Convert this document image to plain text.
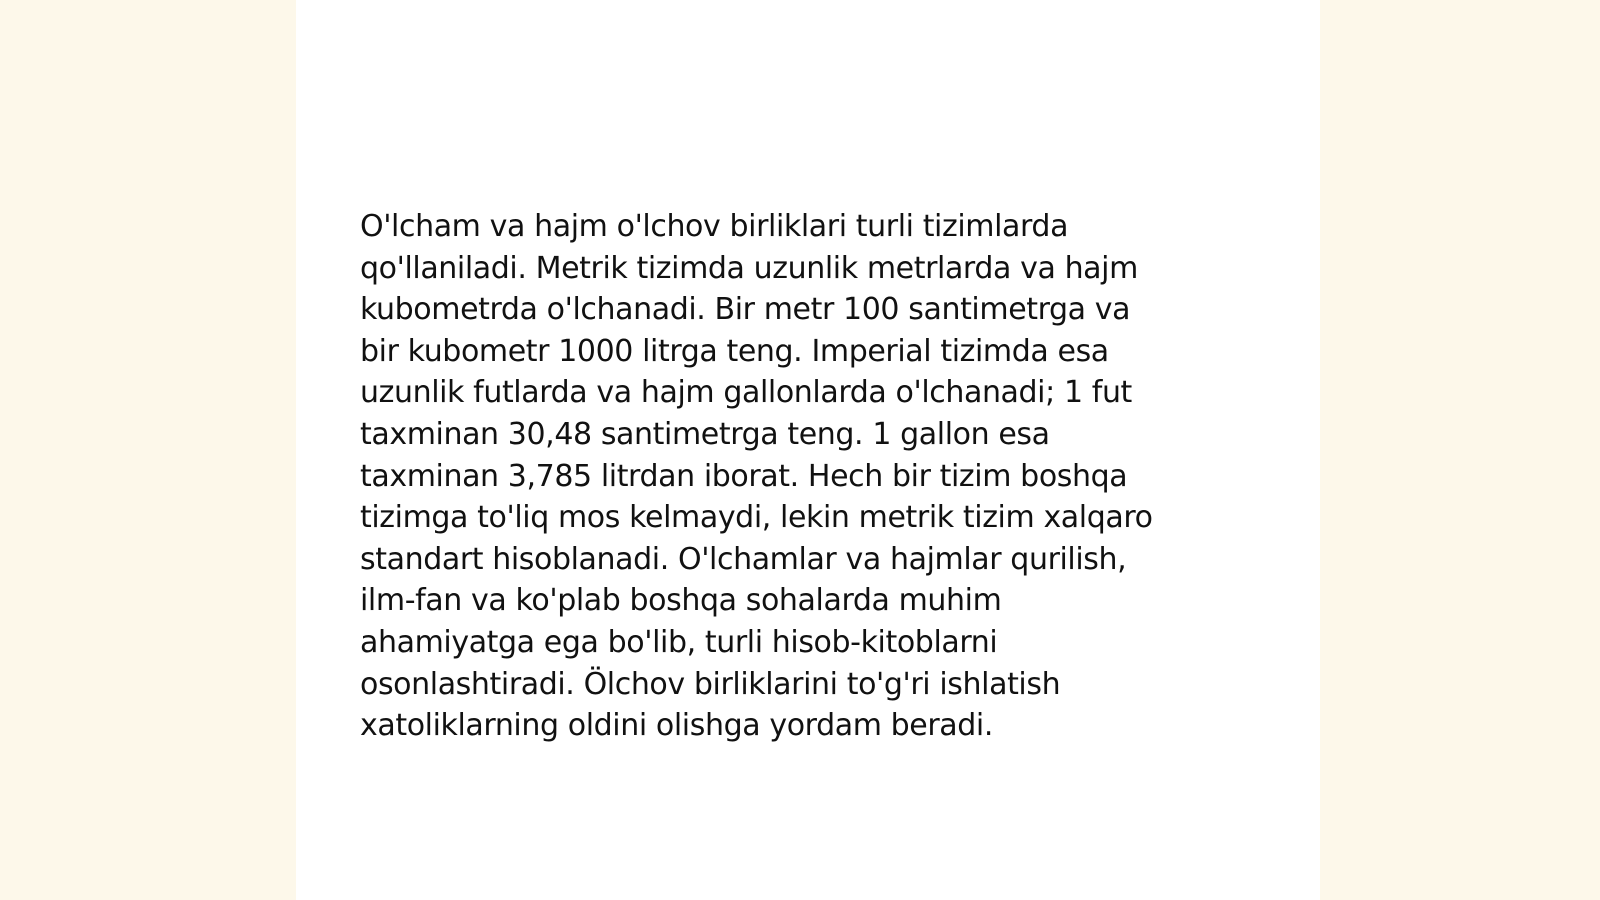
O'lcham va hajm o'lchov birliklari turli tizimlarda
qo'llaniladi. Metrik tizimda uzunlik metrlarda va hajm
kubometrda o'lchanadi. Bir metr 100 santimetrga va
bir kubometr 1000 litrga teng. Imperial tizimda esa
uzunlik futlarda va hajm gallonlarda o'lchanadi; 1 fut
taxminan 30,48 santimetrga teng. 1 gallon esa
taxminan 3,785 litrdan iborat. Hech bir tizim boshqa
tizimga to'liq mos kelmaydi, lekin metrik tizim xalqaro
standart hisoblanadi. O'lchamlar va hajmlar qurilish,
ilm-fan va ko'plab boshqa sohalarda muhim
ahamiyatga ega bo'lib, turli hisob-kitoblarni
osonlashtiradi. Ölchov birliklarini to'g'ri ishlatish
xatoliklarning oldini olishga yordam beradi.
